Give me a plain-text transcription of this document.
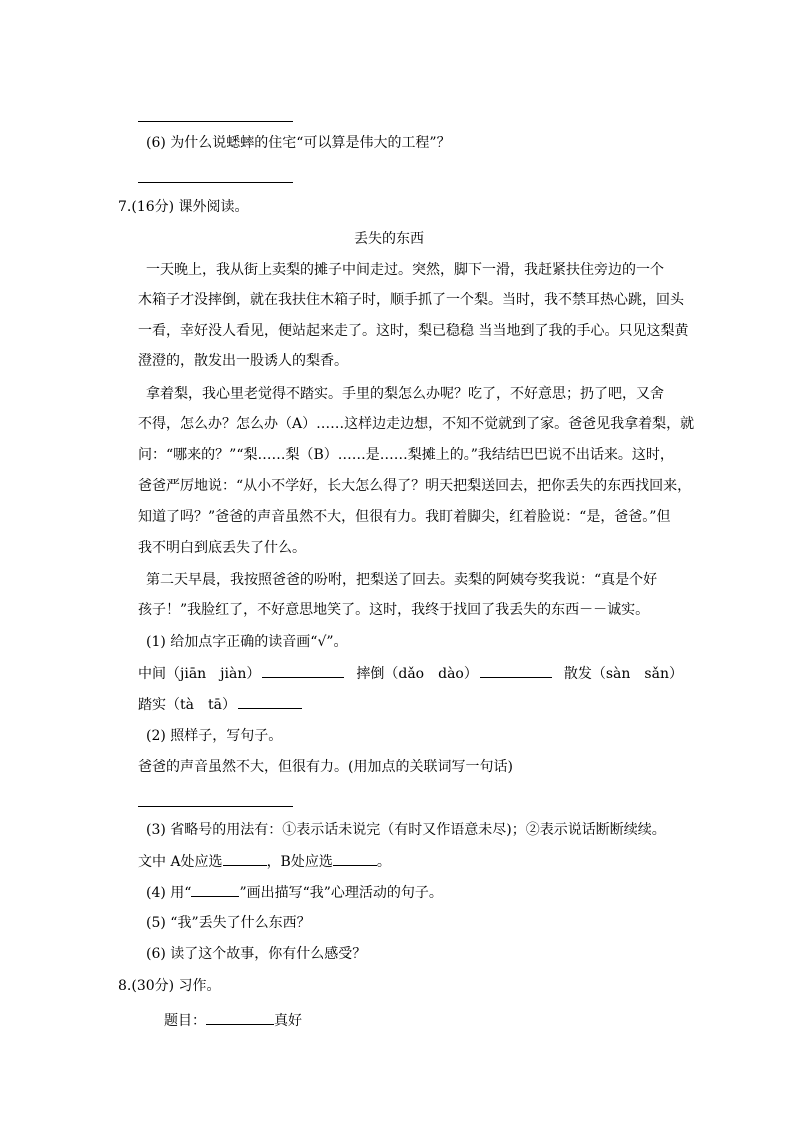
(6) 为什么说蟋蟀的住宅“可以算是伟大的工程”？
7.(16分) 课外阅读。
丢失的东西
一天晚上，我从街上卖梨的摊子中间走过。突然，脚下一滑，我赶紧扶住旁边的一个
木箱子才没摔倒，就在我扶住木箱子时，顺手抓了一个梨。当时，我不禁耳热心跳，回头
一看，幸好没人看见，便站起来走了。这时，梨已稳稳 当当地到了我的手心。只见这梨黄
澄澄的，散发出一股诱人的梨香。
拿着梨，我心里老觉得不踏实。手里的梨怎么办呢？吃了，不好意思；扔了吧，又舍
不得，怎么办？怎么办（A）……这样边走边想，不知不觉就到了家。爸爸见我拿着梨，就
问：“哪来的？”“梨……梨（B）……是……梨摊上的。”我结结巴巴说不出话来。这时，
爸爸严厉地说：“从小不学好，长大怎么得了？明天把梨送回去，把你丢失的东西找回来，
知道了吗？”爸爸的声音虽然不大，但很有力。我盯着脚尖，红着脸说：“是，爸爸。”但
我不明白到底丢失了什么。
第二天早晨，我按照爸爸的吩咐，把梨送了回去。卖梨的阿姨夸奖我说：“真是个好
孩子！”我脸红了，不好意思地笑了。这时，我终于找回了我丢失的东西－－诚实。
(1) 给加点字正确的读音画“√”。
中间（jiān　jiàn）	摔倒（dǎo　dào）	散发（sàn　sǎn）
踏实（tà　tā）
(2) 照样子，写句子。
爸爸的声音虽然不大，但很有力。(用加点的关联词写一句话)
(3) 省略号的用法有：①表示话未说完（有时又作语意未尽)；②表示说话断断续续。
文中 A处应选	，B处应选	。
(4) 用“	”画出描写“我”心理活动的句子。
(5) “我”丢失了什么东西？
(6) 读了这个故事，你有什么感受？
8.(30分) 习作。
题目：	真好
